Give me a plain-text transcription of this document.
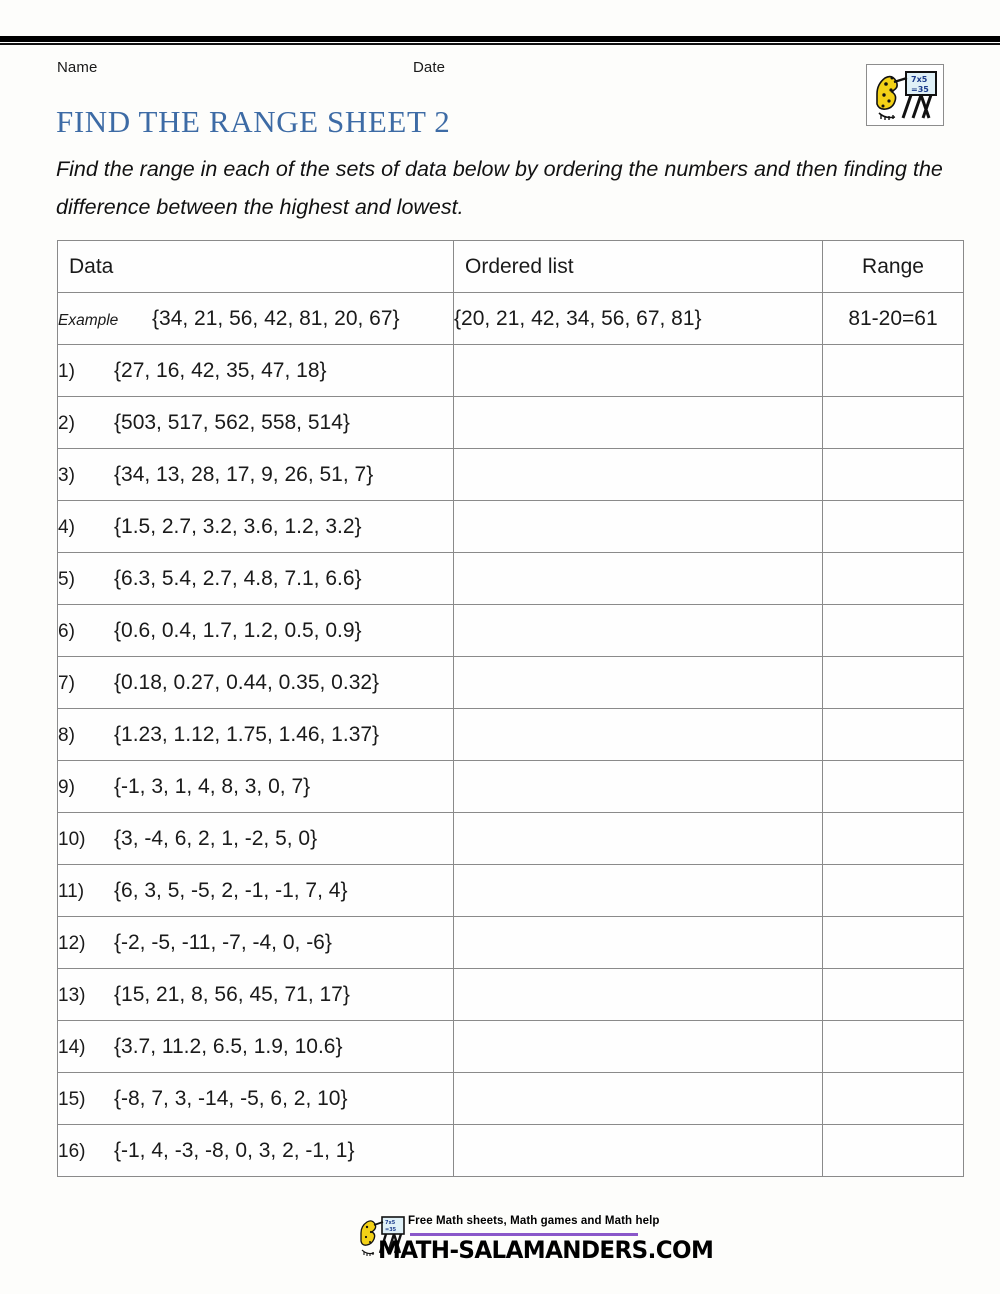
Name	Date
7x5
=35
FIND THE RANGE SHEET 2
Find the range in each of the sets of data below by ordering the numbers and then finding the difference between the highest and lowest.
Data	Ordered list	Range
Example {34, 21, 56, 42, 81, 20, 67}	{20, 21, 42, 34, 56, 67, 81}	81-20=61
1) {27, 16, 42, 35, 47, 18}		
2) {503, 517, 562, 558, 514}		
3) {34, 13, 28, 17, 9, 26, 51, 7}		
4) {1.5, 2.7, 3.2, 3.6, 1.2, 3.2}		
5) {6.3, 5.4, 2.7, 4.8, 7.1, 6.6}		
6) {0.6, 0.4, 1.7, 1.2, 0.5, 0.9}		
7) {0.18, 0.27, 0.44, 0.35, 0.32}		
8) {1.23, 1.12, 1.75, 1.46, 1.37}		
9) {-1, 3, 1, 4, 8, 3, 0, 7}		
10) {3, -4, 6, 2, 1, -2, 5, 0}		
11) {6, 3, 5, -5, 2, -1, -1, 7, 4}		
12) {-2, -5, -11, -7, -4, 0, -6}		
13) {15, 21, 8, 56, 45, 71, 17}		
14) {3.7, 11.2, 6.5, 1.9, 10.6}		
15) {-8, 7, 3, -14, -5, 6, 2, 10}		
16) {-1, 4, -3, -8, 0, 3, 2, -1, 1}		
7x5
=35
Free Math sheets, Math games and Math help
MATH-SALAMANDERS.COM
